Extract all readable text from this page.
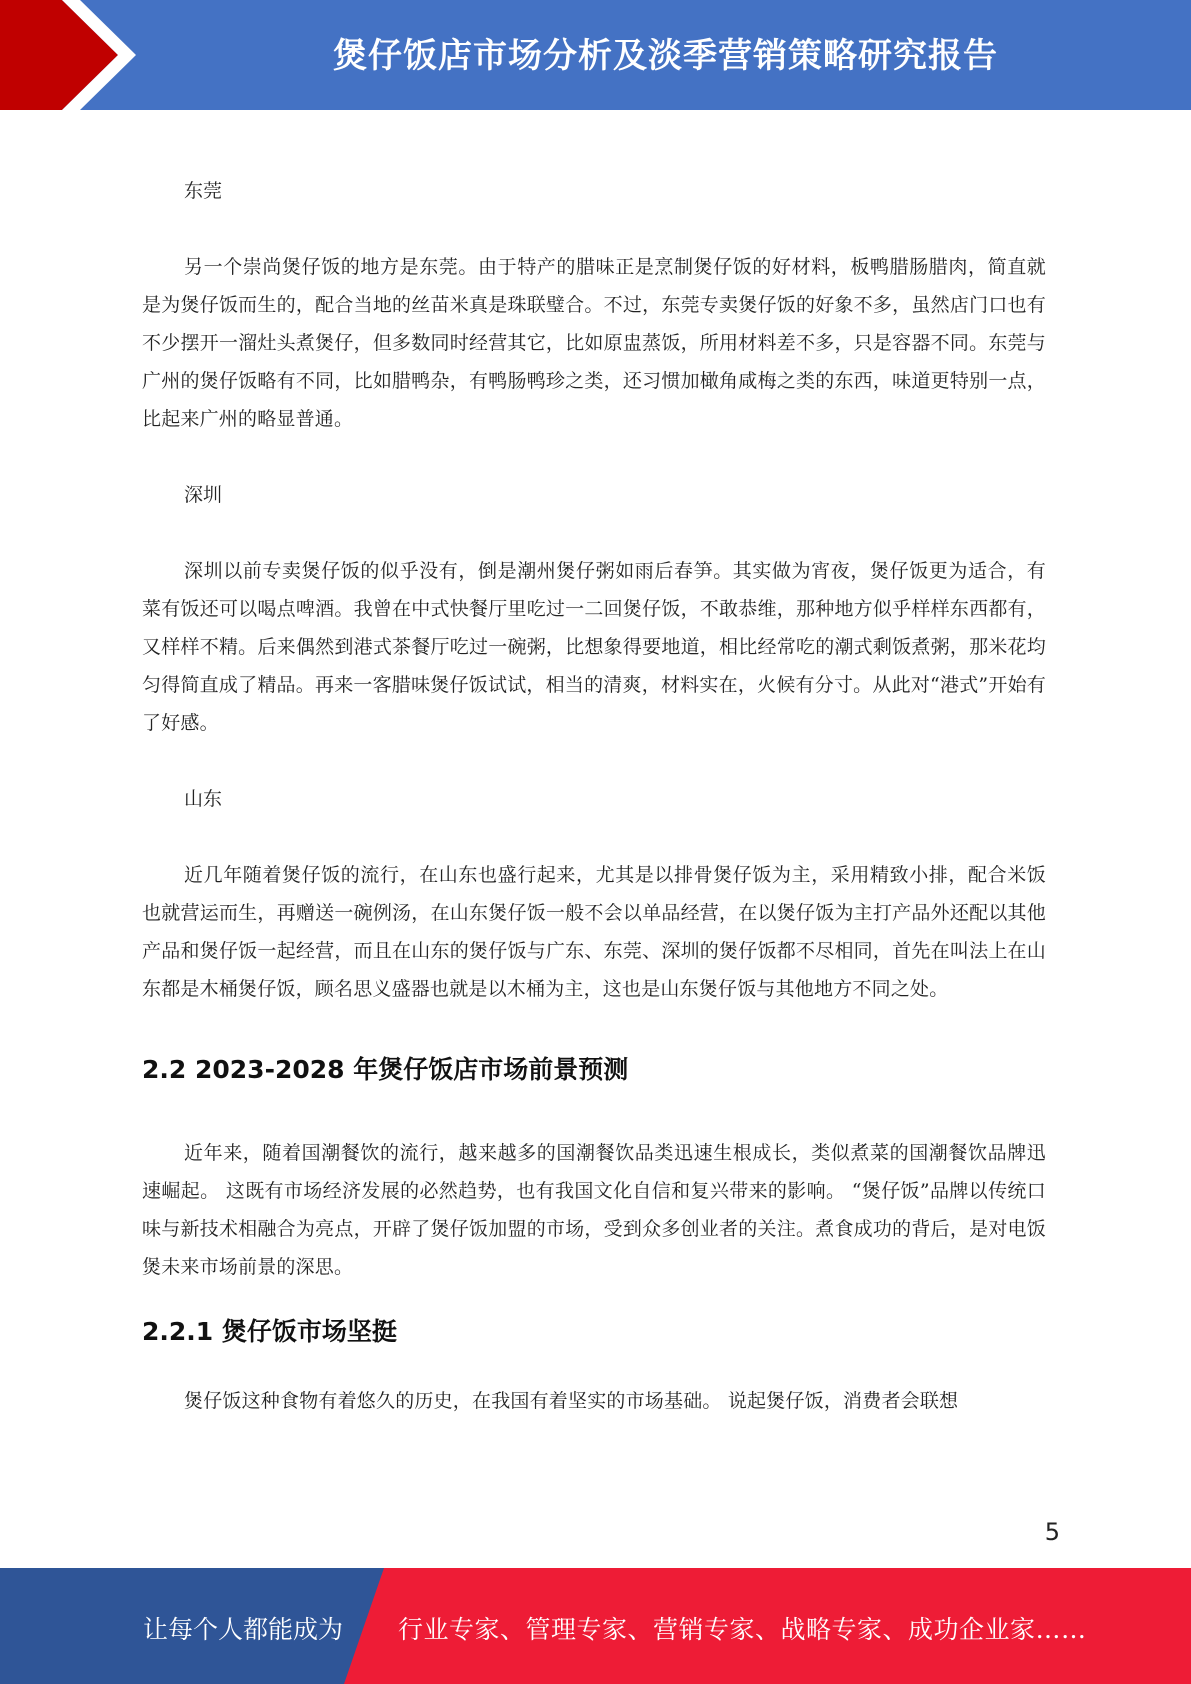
煲仔饭店市场分析及淡季营销策略研究报告
东莞

另一个崇尚煲仔饭的地方是东莞。由于特产的腊味正是烹制煲仔饭的好材料，板鸭腊肠腊肉，简直就是为煲仔饭而生的，配合当地的丝苗米真是珠联璧合。不过，东莞专卖煲仔饭的好象不多，虽然店门口也有不少摆开一溜灶头煮煲仔，但多数同时经营其它，比如原盅蒸饭，所用材料差不多，只是容器不同。东莞与广州的煲仔饭略有不同，比如腊鸭杂，有鸭肠鸭珍之类，还习惯加橄角咸梅之类的东西，味道更特别一点，比起来广州的略显普通。

深圳

深圳以前专卖煲仔饭的似乎没有，倒是潮州煲仔粥如雨后春笋。其实做为宵夜，煲仔饭更为适合，有菜有饭还可以喝点啤酒。我曾在中式快餐厅里吃过一二回煲仔饭，不敢恭维，那种地方似乎样样东西都有，又样样不精。后来偶然到港式茶餐厅吃过一碗粥，比想象得要地道，相比经常吃的潮式剩饭煮粥，那米花均匀得简直成了精品。再来一客腊味煲仔饭试试，相当的清爽，材料实在，火候有分寸。从此对“港式”开始有了好感。

山东

近几年随着煲仔饭的流行，在山东也盛行起来，尤其是以排骨煲仔饭为主，采用精致小排，配合米饭也就营运而生，再赠送一碗例汤，在山东煲仔饭一般不会以单品经营，在以煲仔饭为主打产品外还配以其他产品和煲仔饭一起经营，而且在山东的煲仔饭与广东、东莞、深圳的煲仔饭都不尽相同，首先在叫法上在山东都是木桶煲仔饭，顾名思义盛器也就是以木桶为主，这也是山东煲仔饭与其他地方不同之处。

2.2 2023-2028 年煲仔饭店市场前景预测

近年来，随着国潮餐饮的流行，越来越多的国潮餐饮品类迅速生根成长，类似煮菜的国潮餐饮品牌迅速崛起。 这既有市场经济发展的必然趋势，也有我国文化自信和复兴带来的影响。 “煲仔饭”品牌以传统口味与新技术相融合为亮点，开辟了煲仔饭加盟的市场，受到众多创业者的关注。煮食成功的背后，是对电饭煲未来市场前景的深思。

2.2.1 煲仔饭市场坚挺

煲仔饭这种食物有着悠久的历史，在我国有着坚实的市场基础。 说起煲仔饭，消费者会联想

5
让每个人都能成为 行业专家、管理专家、营销专家、战略专家、成功企业家……
